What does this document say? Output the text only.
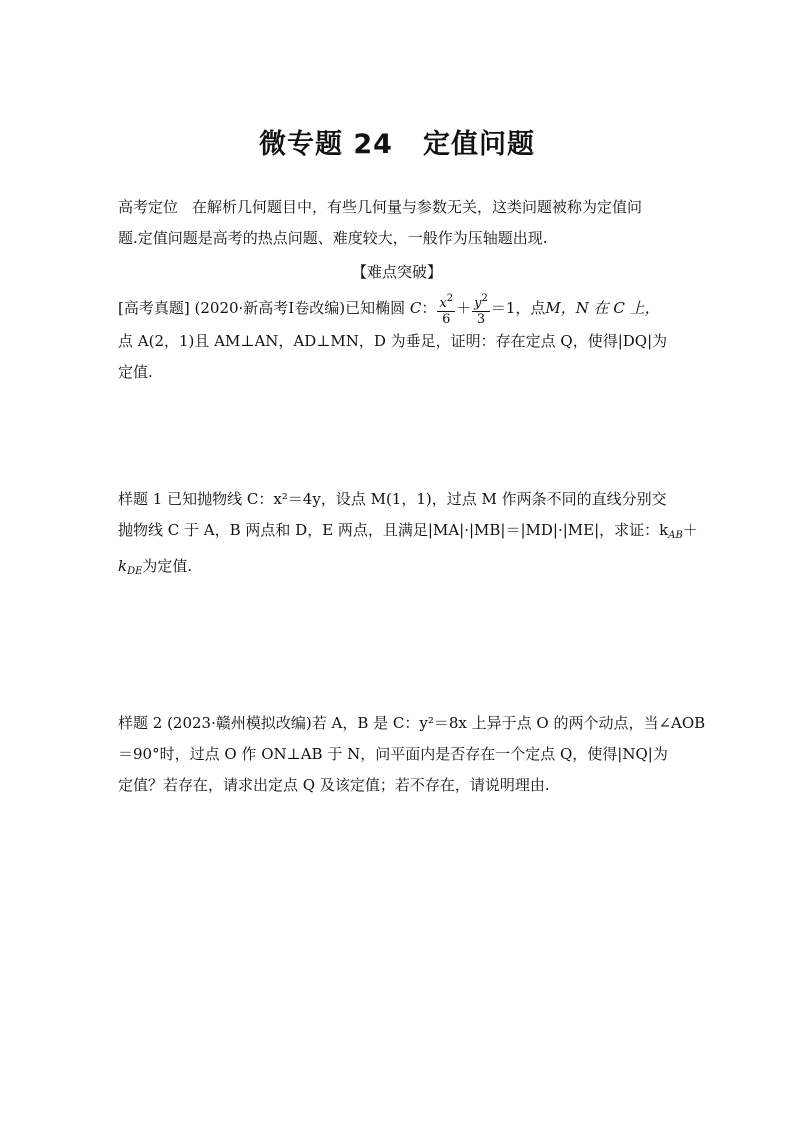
微专题 24 定值问题
高考定位 在解析几何题目中，有些几何量与参数无关，这类问题被称为定值问
题.定值问题是高考的热点问题、难度较大，一般作为压轴题出现.
【难点突破】
[高考真题] (2020·新高考Ⅰ卷改编)已知椭圆 C： $\frac{x^2}{6} + \frac{y^2}{3} =1$，点M，N 在 C 上，
点 A(2，1)且 AM⊥AN，AD⊥MN，D 为垂足，证明：存在定点 Q，使得|DQ|为
定值.
样题 1 已知抛物线 C：x²＝4y，设点 M(1，1)，过点 M 作两条不同的直线分别交
抛物线 C 于 A，B 两点和 D，E 两点，且满足|MA|·|MB|＝|MD|·|ME|，求证：$k_{AB}+$
$k_{DE}$为定值.
样题 2 (2023·赣州模拟改编)若 A，B 是 C：y²＝8x 上异于点 O 的两个动点，当∠AOB
＝90°时，过点 O 作 ON⊥AB 于 N，问平面内是否存在一个定点 Q，使得|NQ|为
定值？若存在，请求出定点 Q 及该定值；若不存在，请说明理由.
